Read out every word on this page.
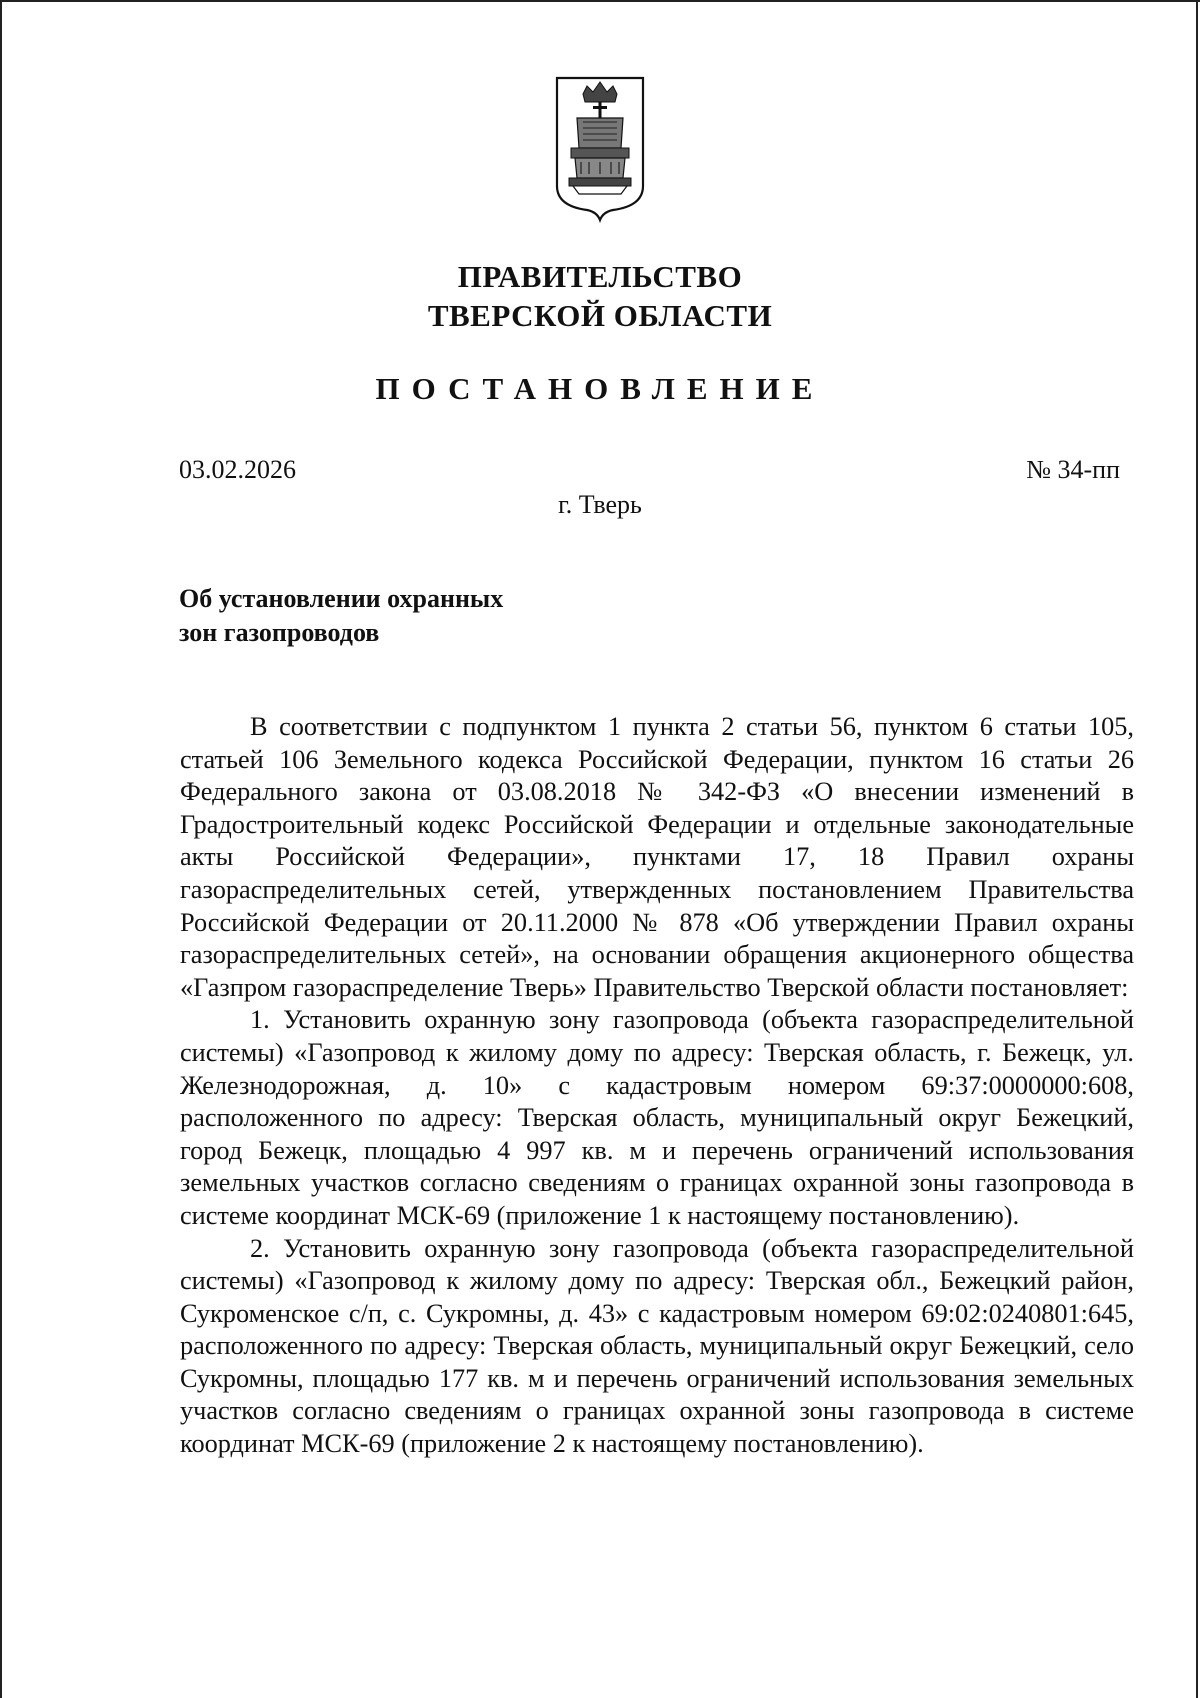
ПРАВИТЕЛЬСТВО
ТВЕРСКОЙ ОБЛАСТИ
ПОСТАНОВЛЕНИЕ
03.02.2026	№ 34-пп
г. Тверь
Об установлении охранных
зон газопроводов

В соответствии с подпунктом 1 пункта 2 статьи 56, пунктом 6 статьи 105, статьей 106 Земельного кодекса Российской Федерации, пунктом 16 статьи 26 Федерального закона от 03.08.2018 № 342-ФЗ «О внесении изменений в Градостроительный кодекс Российской Федерации и отдельные законодательные акты Российской Федерации», пунктами 17, 18 Правил охраны газораспределительных сетей, утвержденных постановлением Правительства Российской Федерации от 20.11.2000 № 878 «Об утверждении Правил охраны газораспределительных сетей», на основании обращения акционерного общества «Газпром газораспределение Тверь» Правительство Тверской области постановляет:

1. Установить охранную зону газопровода (объекта газораспределительной системы) «Газопровод к жилому дому по адресу: Тверская область, г. Бежецк, ул. Железнодорожная, д. 10» с кадастровым номером 69:37:0000000:608, расположенного по адресу: Тверская область, муниципальный округ Бежецкий, город Бежецк, площадью 4 997 кв. м и перечень ограничений использования земельных участков согласно сведениям о границах охранной зоны газопровода в системе координат МСК-69 (приложение 1 к настоящему постановлению).

2. Установить охранную зону газопровода (объекта газораспределительной системы) «Газопровод к жилому дому по адресу: Тверская обл., Бежецкий район, Сукроменское с/п, с. Сукромны, д. 43» с кадастровым номером 69:02:0240801:645, расположенного по адресу: Тверская область, муниципальный округ Бежецкий, село Сукромны, площадью 177 кв. м и перечень ограничений использования земельных участков согласно сведениям о границах охранной зоны газопровода в системе координат МСК-69 (приложение 2 к настоящему постановлению).
